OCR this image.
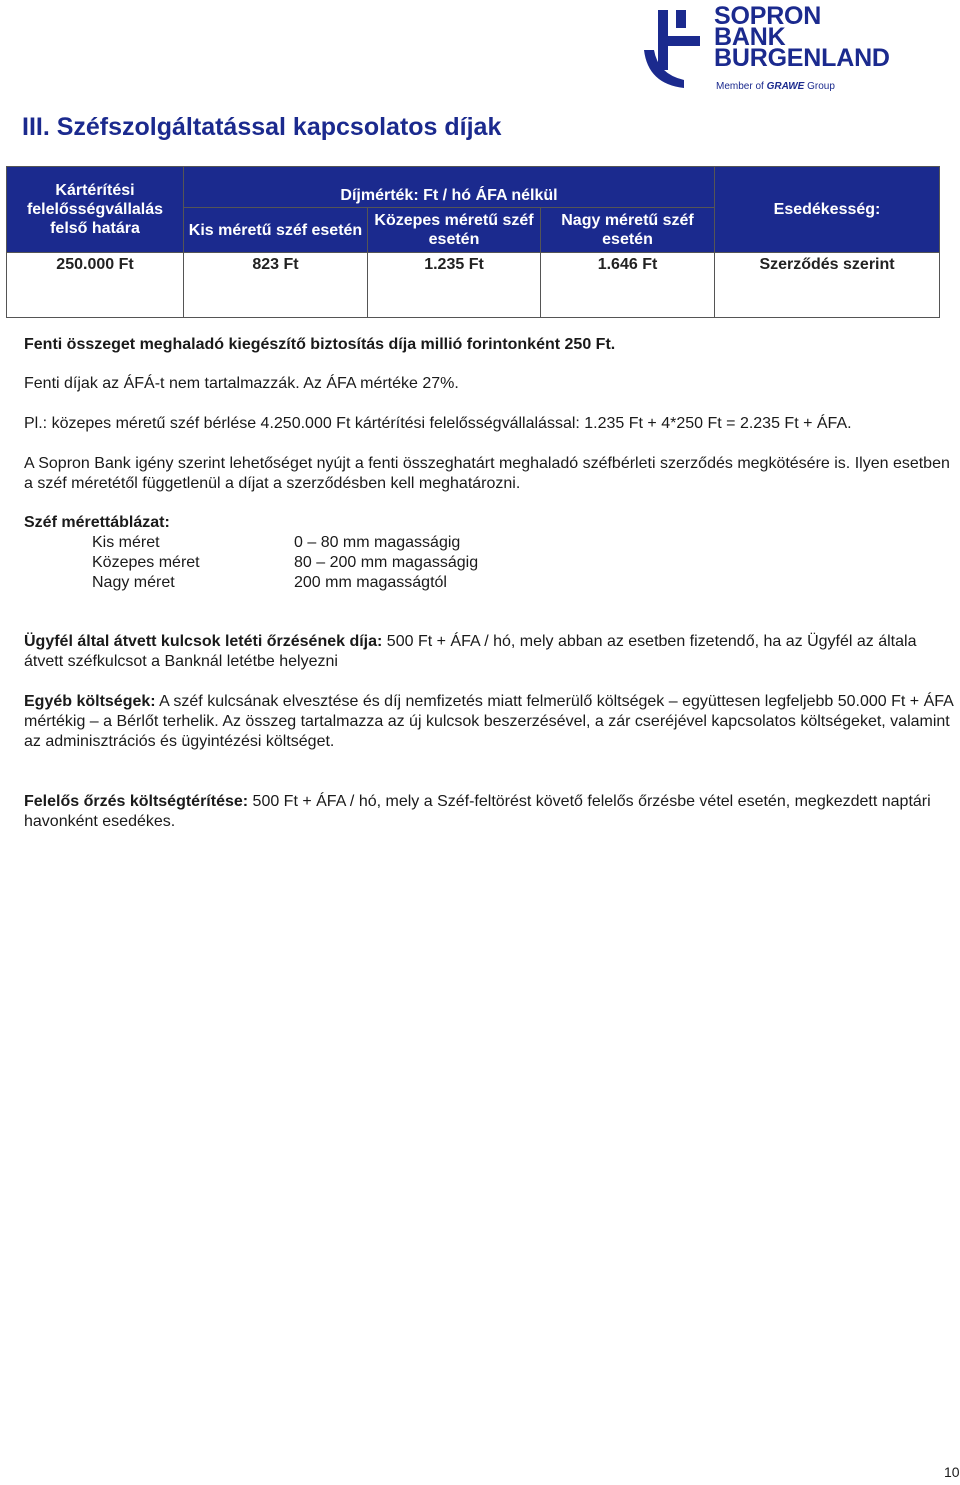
SOPRON
BANK
BURGENLAND
Member of GRAWE Group
III. Széfszolgáltatással kapcsolatos díjak
Kártérítési felelősségvállalás felső határa	Díjmérték: Ft / hó ÁFA nélkül			Esedékesség:
	Kis méretű széf esetén	Közepes méretű széf esetén	Nagy méretű széf esetén	
250.000 Ft	823 Ft	1.235 Ft	1.646 Ft	Szerződés szerint

Fenti összeget meghaladó kiegészítő biztosítás díja millió forintonként 250 Ft.

Fenti díjak az ÁFÁ-t nem tartalmazzák. Az ÁFA mértéke 27%.

Pl.: közepes méretű széf bérlése 4.250.000 Ft kártérítési felelősségvállalással: 1.235 Ft + 4*250 Ft = 2.235 Ft + ÁFA.

A Sopron Bank igény szerint lehetőséget nyújt a fenti összeghatárt meghaladó széfbérleti szerződés megkötésére is. Ilyen esetben a széf méretétől függetlenül a díjat a szerződésben kell meghatározni.

Széf mérettáblázat:
Kis méret	0 – 80 mm magasságig
Közepes méret	80 – 200 mm magasságig
Nagy méret	200 mm magasságtól

Ügyfél által átvett kulcsok letéti őrzésének díja: 500 Ft + ÁFA / hó, mely abban az esetben fizetendő, ha az Ügyfél az általa átvett széfkulcsot a Banknál letétbe helyezni

Egyéb költségek: A széf kulcsának elvesztése és díj nemfizetés miatt felmerülő költségek – együttesen legfeljebb 50.000 Ft + ÁFA mértékig – a Bérlőt terhelik. Az összeg tartalmazza az új kulcsok beszerzésével, a zár cseréjével kapcsolatos költségeket, valamint az adminisztrációs és ügyintézési költséget.

Felelős őrzés költségtérítése: 500 Ft + ÁFA / hó, mely a Széf-feltörést követő felelős őrzésbe vétel esetén, megkezdett naptári havonként esedékes.

10
